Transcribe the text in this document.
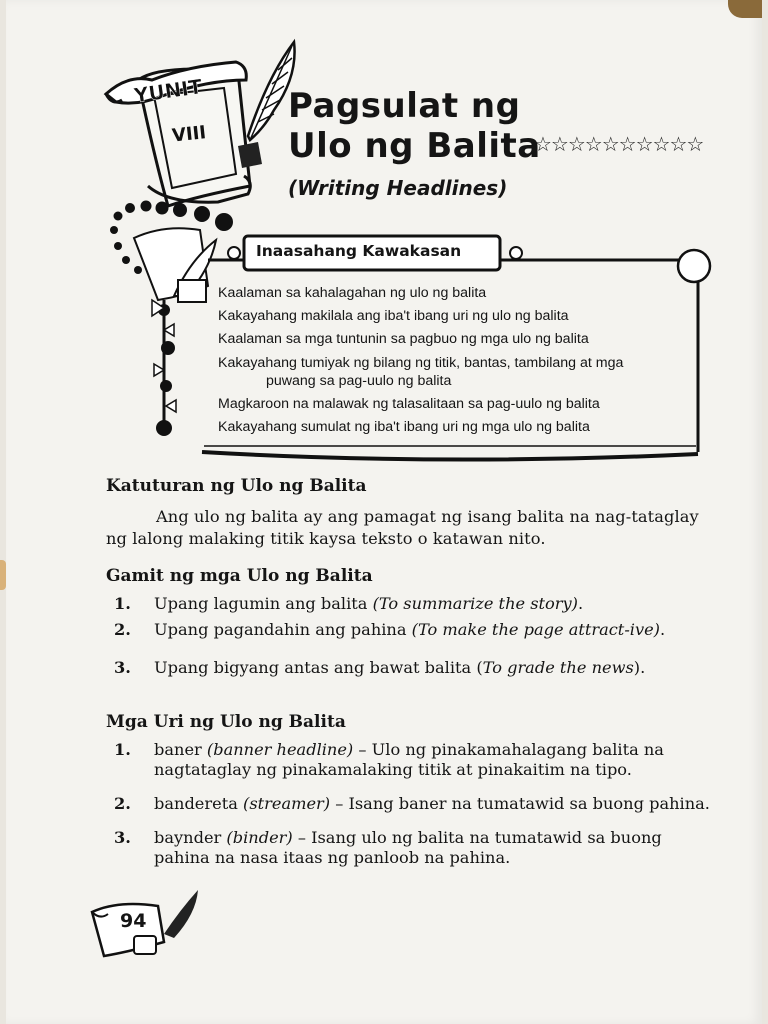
YUNIT
VIII
Pagsulat ng
Ulo ng Balita
☆☆☆☆☆☆☆☆☆☆
(Writing Headlines)
Inaasahang Kawakasan
Kaalaman sa kahalagahan ng ulo ng balita
Kakayahang makilala ang iba't ibang uri ng ulo ng balita
Kaalaman sa mga tuntunin sa pagbuo ng mga ulo ng balita
Kakayahang tumiyak ng bilang ng titik, bantas, tambilang at mga
puwang sa pag-uulo ng balita
Magkaroon na malawak ng talasalitaan sa pag-uulo ng balita
Kakayahang sumulat ng iba't ibang uri ng mga ulo ng balita
Katuturan ng Ulo ng Balita

Ang ulo ng balita ay ang pamagat ng isang balita na nag-tataglay ng lalong malaking titik kaysa teksto o katawan nito.

Gamit ng mga Ulo ng Balita
1. Upang lagumin ang balita (To summarize the story).
2. Upang pagandahin ang pahina (To make the page attract-ive).
3. Upang bigyang antas ang bawat balita (To grade the news).
Mga Uri ng Ulo ng Balita
1. baner (banner headline) – Ulo ng pinakamahalagang balita na nagtataglay ng pinakamalaking titik at pinakaitim na tipo.
2. bandereta (streamer) – Isang baner na tumatawid sa buong pahina.
3. baynder (binder) – Isang ulo ng balita na tumatawid sa buong pahina na nasa itaas ng panloob na pahina.
94
